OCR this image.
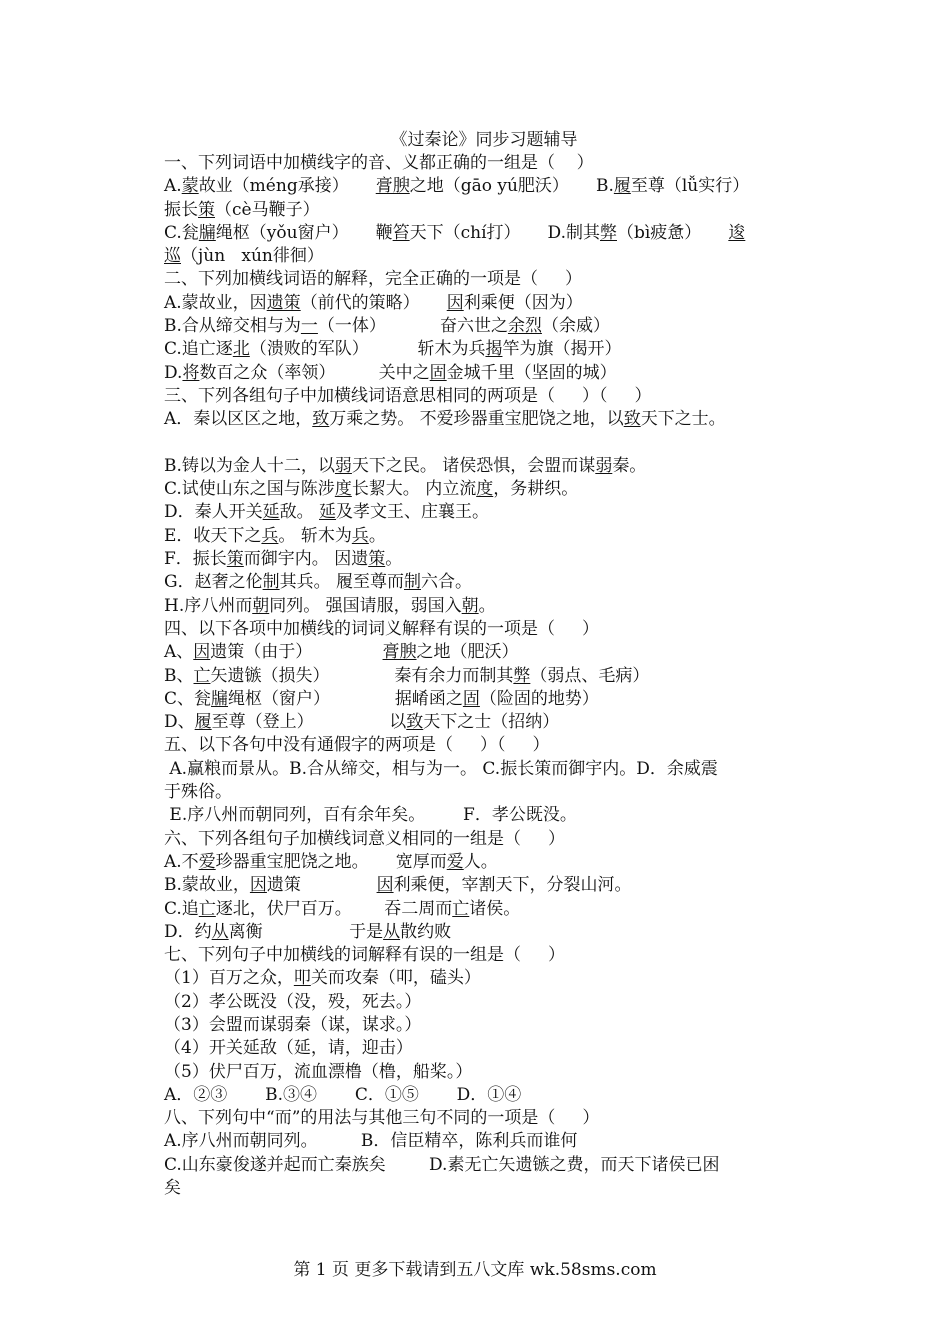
《过秦论》同步习题辅导

一、下列词语中加横线字的音、义都正确的一组是（    ）

A.蒙故业（méng承接）     膏腴之地（gāo yú肥沃）     B.履至尊（lǚ实行）

振长策（cè马鞭子）

C.瓮牖绳枢（yǒu窗户）     鞭笞天下（chí打）     D.制其弊（bì疲惫）     逡

巡（jùn   xún徘徊）

二、下列加横线词语的解释，完全正确的一项是（     ）

A.蒙故业，因遗策（前代的策略）     因利乘便（因为）

B.合从缔交相与为一（一体）          奋六世之余烈（余威）

C.追亡逐北（溃败的军队）         斩木为兵揭竿为旗（揭开）

D.将数百之众（率领）        关中之固金城千里（坚固的城）

三、下列各组句子中加横线词语意思相同的两项是（     ）（     ）

A．秦以区区之地，致万乘之势。 不爱珍器重宝肥饶之地，以致天下之士。

B.铸以为金人十二，以弱天下之民。 诸侯恐惧，会盟而谋弱秦。

C.试使山东之国与陈涉度长絜大。 内立流度，务耕织。

D．秦人开关延敌。 延及孝文王、庄襄王。

E．收天下之兵。 斩木为兵。

F．振长策而御宇内。 因遗策。

G．赵奢之伦制其兵。 履至尊而制六合。

H.序八州而朝同列。 强国请服，弱国入朝。

四、以下各项中加横线的词词义解释有误的一项是（     ）

A、因遗策（由于）             膏腴之地（肥沃）

B、亡矢遗镞（损失）            秦有余力而制其弊（弱点、毛病）

C、瓮牖绳枢（窗户）            据崤函之固（险固的地势）

D、履至尊（登上）              以致天下之士（招纳）

五、以下各句中没有通假字的两项是（     ）（     ）

A.赢粮而景从。B.合从缔交，相与为一。 C.振长策而御宇内。D．余威震

于殊俗。

E.序八州而朝同列，百有余年矣。       F．孝公既没。

六、下列各组句子加横线词意义相同的一组是（     ）

A.不爱珍器重宝肥饶之地。     宽厚而爱人。

B.蒙故业，因遗策              因利乘便，宰割天下，分裂山河。

C.追亡逐北，伏尸百万。      吞二周而亡诸侯。

D．约从离衡                于是从散约败

七、下列句子中加横线的词解释有误的一组是（     ）

（1）百万之众，叩关而攻秦（叩，磕头）

（2）孝公既没（没，殁，死去。）

（3）会盟而谋弱秦（谋，谋求。）

（4）开关延敌（延，请，迎击）

（5）伏尸百万，流血漂橹（橹，船桨。）

A．②③       B.③④       C．①⑤       D．①④

八、下列句中“而”的用法与其他三句不同的一项是（     ）

A.序八州而朝同列。        B．信臣精卒，陈利兵而谁何

C.山东豪俊遂并起而亡秦族矣        D.素无亡矢遗镞之费，而天下诸侯已困

矣

第 1 页 更多下载请到五八文库 wk.58sms.com
